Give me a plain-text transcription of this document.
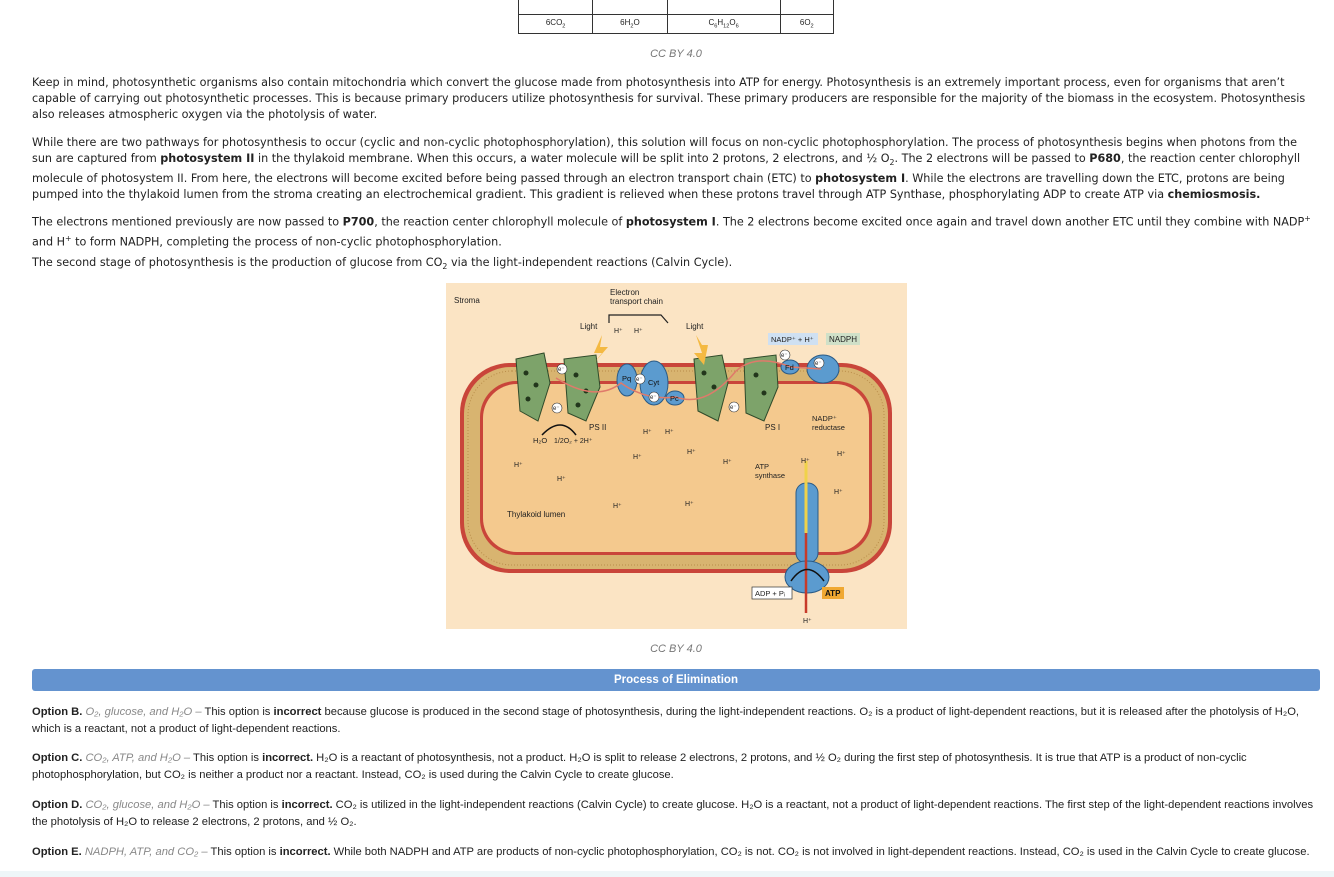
$6CO_2$	$6H_2O$	$C_6H_{12}O_6$	$6O_2$
CC BY 4.0

Keep in mind, photosynthetic organisms also contain mitochondria which convert the glucose made from photosynthesis into ATP for energy. Photosynthesis is an extremely important process, even for organisms that aren’t capable of carrying out photosynthetic processes. This is because primary producers utilize photosynthesis for survival. These primary producers are responsible for the majority of the biomass in the ecosystem. Photosynthesis also releases atmospheric oxygen via the photolysis of water.

While there are two pathways for photosynthesis to occur (cyclic and non-cyclic photophosphorylation), this solution will focus on non-cyclic photophosphorylation. The process of photosynthesis begins when photons from the sun are captured from photosystem II in the thylakoid membrane. When this occurs, a water molecule will be split into 2 protons, 2 electrons, and ½ $O_2$. The 2 electrons will be passed to P680, the reaction center chlorophyll molecule of photosystem II. From here, the electrons will become excited before being passed through an electron transport chain (ETC) to photosystem I. While the electrons are travelling down the ETC, protons are being pumped into the thylakoid lumen from the stroma creating an electrochemical gradient. This gradient is relieved when these protons travel through ATP Synthase, phosphorylating ADP to create ATP via chemiosmosis.

The electrons mentioned previously are now passed to P700, the reaction center chlorophyll molecule of photosystem I. The 2 electrons become excited once again and travel down another ETC until they combine with NADP+ and H+ to form NADPH, completing the process of non-cyclic photophosphorylation.

The second stage of photosynthesis is the production of glucose from $CO_2$ via the light-independent reactions (Calvin Cycle).

Stroma
Electron
transport chain
Light	Light
NADP⁺ + H⁺ NADPH
Pq Cyt
Pc
Fd
PS II	PS I
NADP⁺
reductase
H₂O 1/2O₂ + 2H⁺
ATP
synthase
Thylakoid lumen
ADP + Pᵢ	ATP
H⁺ H⁺
H⁺ H⁺
H⁺
H⁺
H⁺
H⁺
H⁺	H⁺
H⁺
H⁺
H⁺	H⁺
H⁺
e⁻
e⁻
e⁻
e⁻
e⁻
e⁻
e⁻
CC BY 4.0
Process of Elimination

Option B. O₂, glucose, and H₂O – This option is incorrect because glucose is produced in the second stage of photosynthesis, during the light-independent reactions. O₂ is a product of light-dependent reactions, but it is released after the photolysis of H₂O, which is a reactant, not a product of light-dependent reactions.

Option C. CO₂, ATP, and H₂O – This option is incorrect. H₂O is a reactant of photosynthesis, not a product. H₂O is split to release 2 electrons, 2 protons, and ½ O₂ during the first step of photosynthesis. It is true that ATP is a product of non-cyclic photophosphorylation, but CO₂ is neither a product nor a reactant. Instead, CO₂ is used during the Calvin Cycle to create glucose.

Option D. CO₂, glucose, and H₂O – This option is incorrect. CO₂ is utilized in the light-independent reactions (Calvin Cycle) to create glucose. H₂O is a reactant, not a product of light-dependent reactions. The first step of the light-dependent reactions involves the photolysis of H₂O to release 2 electrons, 2 protons, and ½ O₂.

Option E. NADPH, ATP, and CO₂ – This option is incorrect. While both NADPH and ATP are products of non-cyclic photophosphorylation, CO₂ is not. CO₂ is not involved in light-dependent reactions. Instead, CO₂ is used in the Calvin Cycle to create glucose.
